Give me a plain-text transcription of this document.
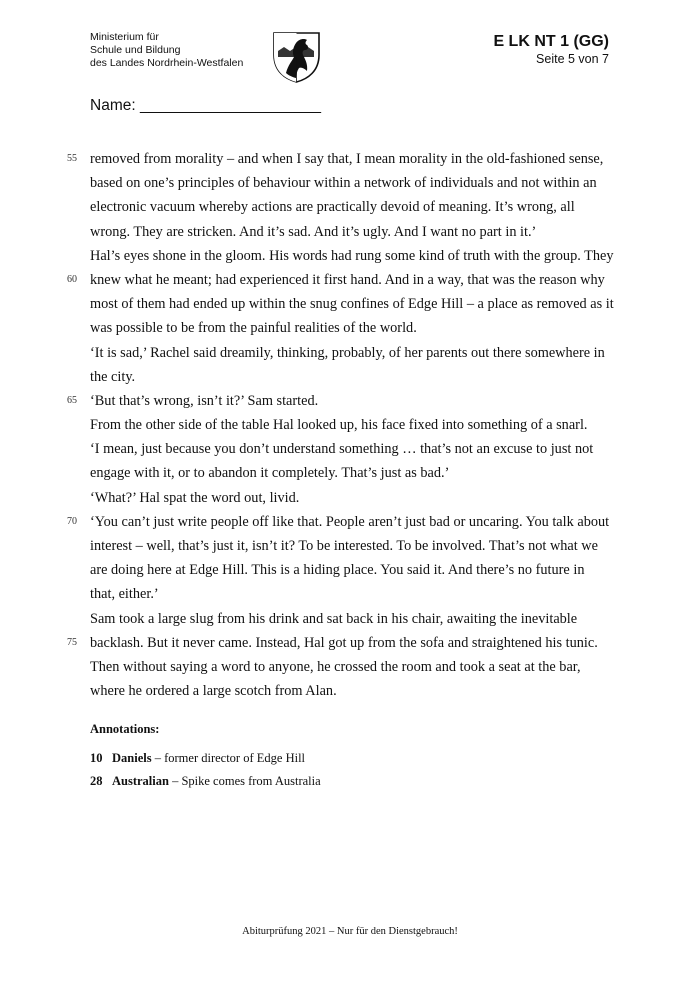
Ministerium für
Schule und Bildung
des Landes Nordrhein-Westfalen
E LK NT 1 (GG)
Seite 5 von 7
Name: _____________________
55 removed from morality – and when I say that, I mean morality in the old-fashioned sense,
based on one’s principles of behaviour within a network of individuals and not within an
electronic vacuum whereby actions are practically devoid of meaning. It’s wrong, all
wrong. They are stricken. And it’s sad. And it’s ugly. And I want no part in it.’
Hal’s eyes shone in the gloom. His words had rung some kind of truth with the group. They
60 knew what he meant; had experienced it first hand. And in a way, that was the reason why
most of them had ended up within the snug confines of Edge Hill – a place as removed as it
was possible to be from the painful realities of the world.
‘It is sad,’ Rachel said dreamily, thinking, probably, of her parents out there somewhere in
the city.
65 ‘But that’s wrong, isn’t it?’ Sam started.
From the other side of the table Hal looked up, his face fixed into something of a snarl.
‘I mean, just because you don’t understand something … that’s not an excuse to just not
engage with it, or to abandon it completely. That’s just as bad.’
‘What?’ Hal spat the word out, livid.
70 ‘You can’t just write people off like that. People aren’t just bad or uncaring. You talk about
interest – well, that’s just it, isn’t it? To be interested. To be involved. That’s not what we
are doing here at Edge Hill. This is a hiding place. You said it. And there’s no future in
that, either.’
Sam took a large slug from his drink and sat back in his chair, awaiting the inevitable
75 backlash. But it never came. Instead, Hal got up from the sofa and straightened his tunic.
Then without saying a word to anyone, he crossed the room and took a seat at the bar,
where he ordered a large scotch from Alan.
Annotations:
10 Daniels – former director of Edge Hill
28 Australian – Spike comes from Australia
Abiturprüfung 2021 – Nur für den Dienstgebrauch!
